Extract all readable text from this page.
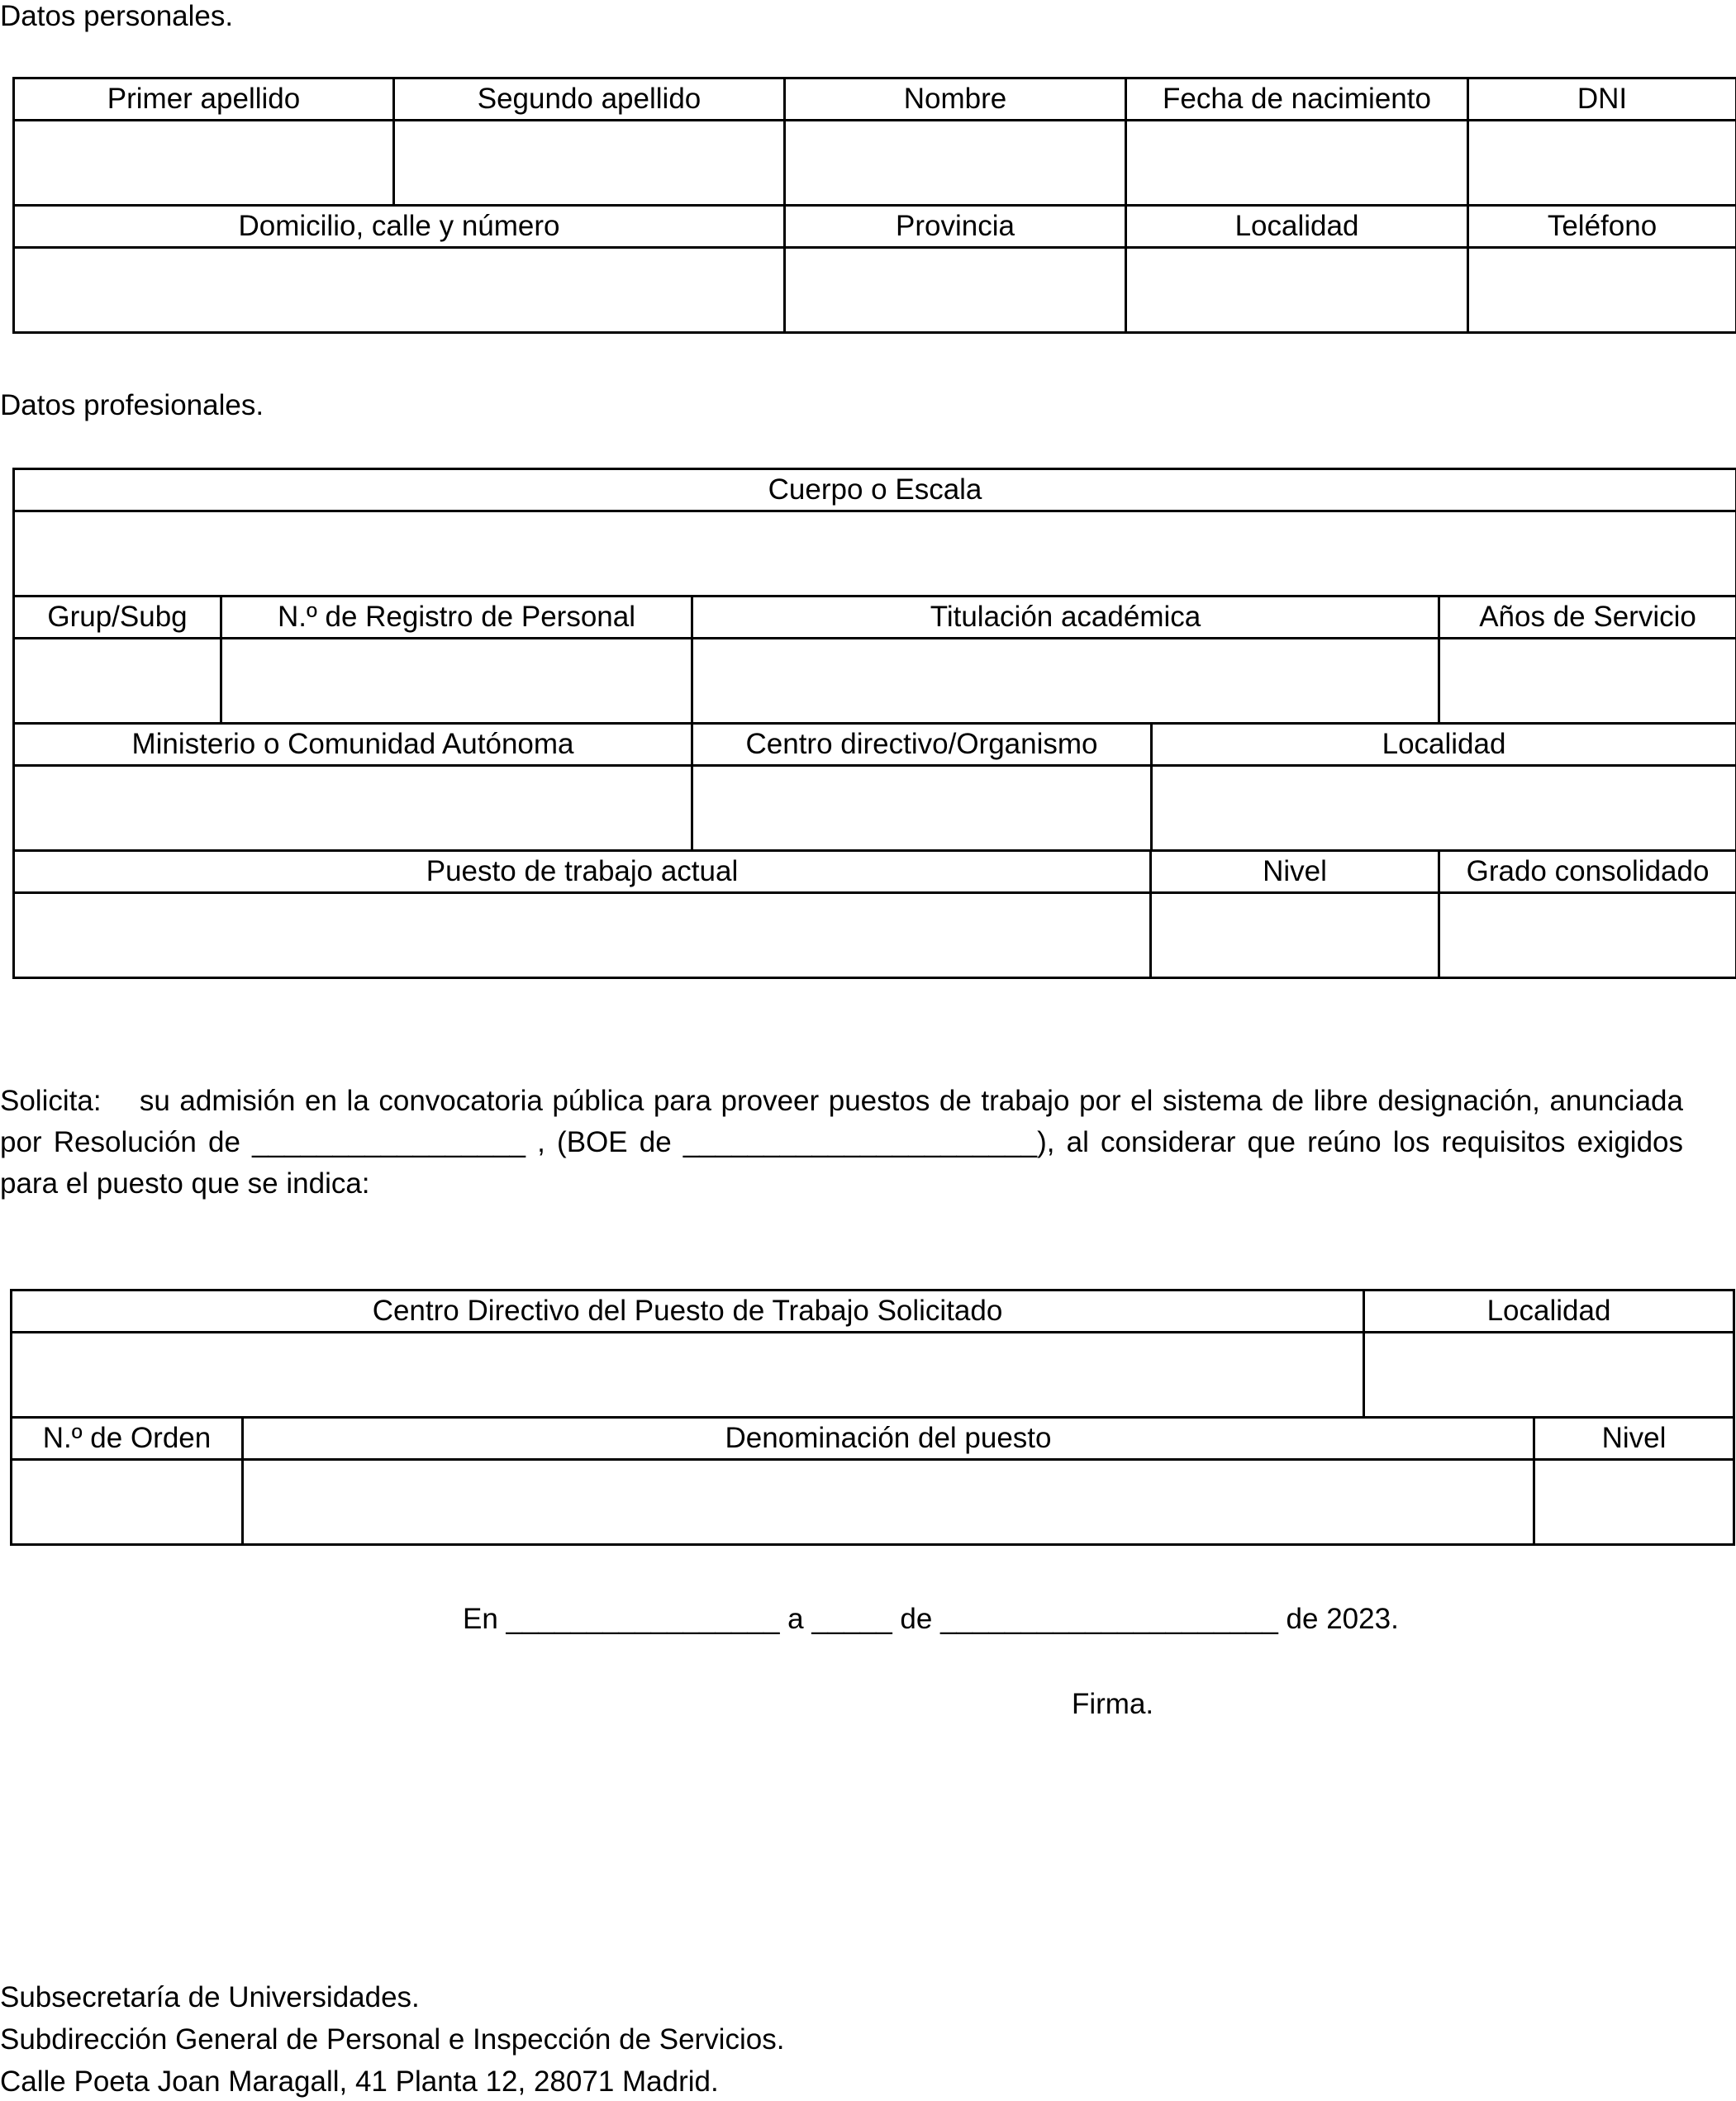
Datos personales.
Primer apellido	Segundo apellido	Nombre	Fecha de nacimiento	DNI

Domicilio, calle y número		Provincia	Localidad	Teléfono

Datos profesionales.
Cuerpo o Escala				

Grup/Subg	N.º de Registro de Personal	Titulación académica		Años de Servicio

Ministerio o Comunidad Autónoma		Centro directivo/Organismo	Localidad	

Puesto de trabajo actual			Nivel	Grado consolidado

Solicita: su admisión en la convocatoria pública para proveer puestos de trabajo por el sistema de libre designación, anunciada por Resolución de _________________ , (BOE de ______________________), al considerar que reúno los requisitos exigidos para el puesto que se indica:
Centro Directivo del Puesto de Trabajo Solicitado		Localidad	

N.º de Orden	Denominación del puesto		Nivel

En _________________ a _____ de _____________________ de 2023.
Firma.
Subsecretaría de Universidades.
Subdirección General de Personal e Inspección de Servicios.
Calle Poeta Joan Maragall, 41 Planta 12, 28071 Madrid.
